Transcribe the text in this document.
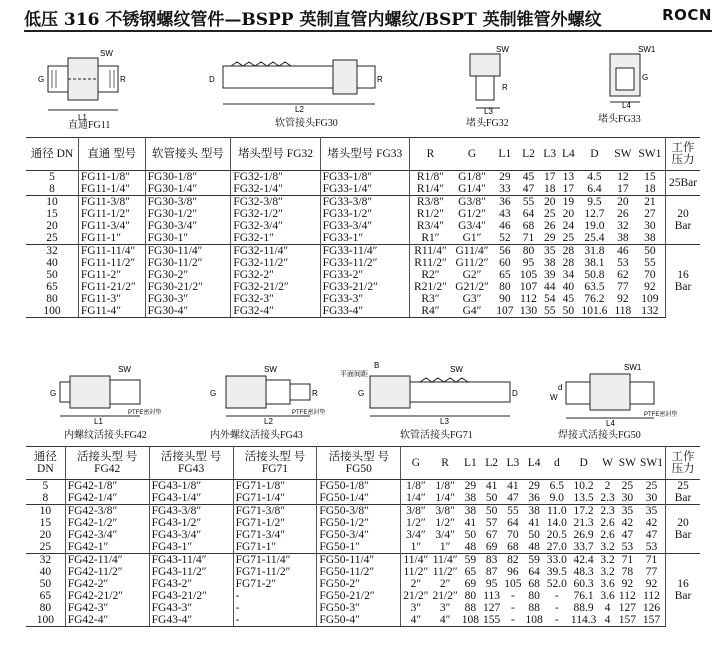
低压 316 不锈钢螺纹管件—BSPP 英制直管内螺纹/BSPT 英制锥管外螺纹	ROCN
SW
G	R
L1
直通FG11
D	R
L2
软管接头FG30
SW
R
L3
堵头FG32
SW1
G
L4
堵头FG33
通径 DN	直通 型号	软管接头 型号	堵头型号 FG32	堵头型号 FG33	R	G	L1	L2	L3	L4	D	SW	SW1	工作 压力
5	FG11-1/8″	FG30-1/8″	FG32-1/8″	FG33-1/8″	R1/8″	G1/8″	29	45	17	13	4.5	12	15	25Bar
8	FG11-1/4″	FG30-1/4″	FG32-1/4″	FG33-1/4″	R1/4″	G1/4″	33	47	18	17	6.4	17	18	
10	FG11-3/8″	FG30-3/8″	FG32-3/8″	FG33-3/8″	R3/8″	G3/8″	36	55	20	19	9.5	20	21	20 Bar
15	FG11-1/2″	FG30-1/2″	FG32-1/2″	FG33-1/2″	R1/2″	G1/2″	43	64	25	20	12.7	26	27	
20	FG11-3/4″	FG30-3/4″	FG32-3/4″	FG33-3/4″	R3/4″	G3/4″	46	68	26	24	19.0	32	30	
25	FG11-1″	FG30-1″	FG32-1″	FG33-1″	R1″	G1″	52	71	29	25	25.4	38	38	
32	FG11-11/4″	FG30-11/4″	FG32-11/4″	FG33-11/4″	R11/4″	G11/4″	56	80	35	28	31.8	46	50	16 Bar
40	FG11-11/2″	FG30-11/2″	FG32-11/2″	FG33-11/2″	R11/2″	G11/2″	60	95	38	28	38.1	53	55	
50	FG11-2″	FG30-2″	FG32-2″	FG33-2″	R2″	G2″	65	105	39	34	50.8	62	70	
65	FG11-21/2″	FG30-21/2″	FG32-21/2″	FG33-21/2″	R21/2″	G21/2″	80	107	44	40	63.5	77	92	
80	FG11-3″	FG30-3″	FG32-3″	FG33-3″	R3″	G3″	90	112	54	45	76.2	92	109	
100	FG11-4″	FG30-4″	FG32-4″	FG33-4″	R4″	G4″	107	130	55	50	101.6	118	132	
SW
G
L1
PTFE密封垫
内螺纹活接头FG42
SW
G	R
L2
PTFE密封垫
内外螺纹活接头FG43
B
平面间距
SW
G	D
L3
软管活接头FG71
SW1
W
d
L4
PTFE密封垫
焊接式活接头FG50
通径 DN	活接头型 号 FG42	活接头型 号 FG43	活接头型 号 FG71	活接头型 号 FG50	G	R	L1	L2	L3	L4	d	D	W	SW	SW1	工作 压力
5	FG42-1/8″	FG43-1/8″	FG71-1/8″	FG50-1/8″	1/8″	1/8″	29	41	41	29	6.5	10.2	2	25	25	25 Bar
8	FG42-1/4″	FG43-1/4″	FG71-1/4″	FG50-1/4″	1/4″	1/4″	38	50	47	36	9.0	13.5	2.3	30	30	
10	FG42-3/8″	FG43-3/8″	FG71-3/8″	FG50-3/8″	3/8″	3/8″	38	50	55	38	11.0	17.2	2.3	35	35	20 Bar
15	FG42-1/2″	FG43-1/2″	FG71-1/2″	FG50-1/2″	1/2″	1/2″	41	57	64	41	14.0	21.3	2.6	42	42	
20	FG42-3/4″	FG43-3/4″	FG71-3/4″	FG50-3/4″	3/4″	3/4″	50	67	70	50	20.5	26.9	2.6	47	47	
25	FG42-1″	FG43-1″	FG71-1″	FG50-1″	1″	1″	48	69	68	48	27.0	33.7	3.2	53	53	
32	FG42-11/4″	FG43-11/4″	FG71-11/4″	FG50-11/4″	11/4″	11/4″	59	83	82	59	33.0	42.4	3.2	71	71	16 Bar
40	FG42-11/2″	FG43-11/2″	FG71-11/2″	FG50-11/2″	11/2″	11/2″	65	87	96	64	39.5	48.3	3.2	78	77	
50	FG42-2″	FG43-2″	FG71-2″	FG50-2″	2″	2″	69	95	105	68	52.0	60.3	3.6	92	92	
65	FG42-21/2″	FG43-21/2″	-	FG50-21/2″	21/2″	21/2″	80	113	-	80	-	76.1	3.6	112	112	
80	FG42-3″	FG43-3″	-	FG50-3″	3″	3″	88	127	-	88	-	88.9	4	127	126	
100	FG42-4″	FG43-4″	-	FG50-4″	4″	4″	108	155	-	108	-	114.3	4	157	157	
